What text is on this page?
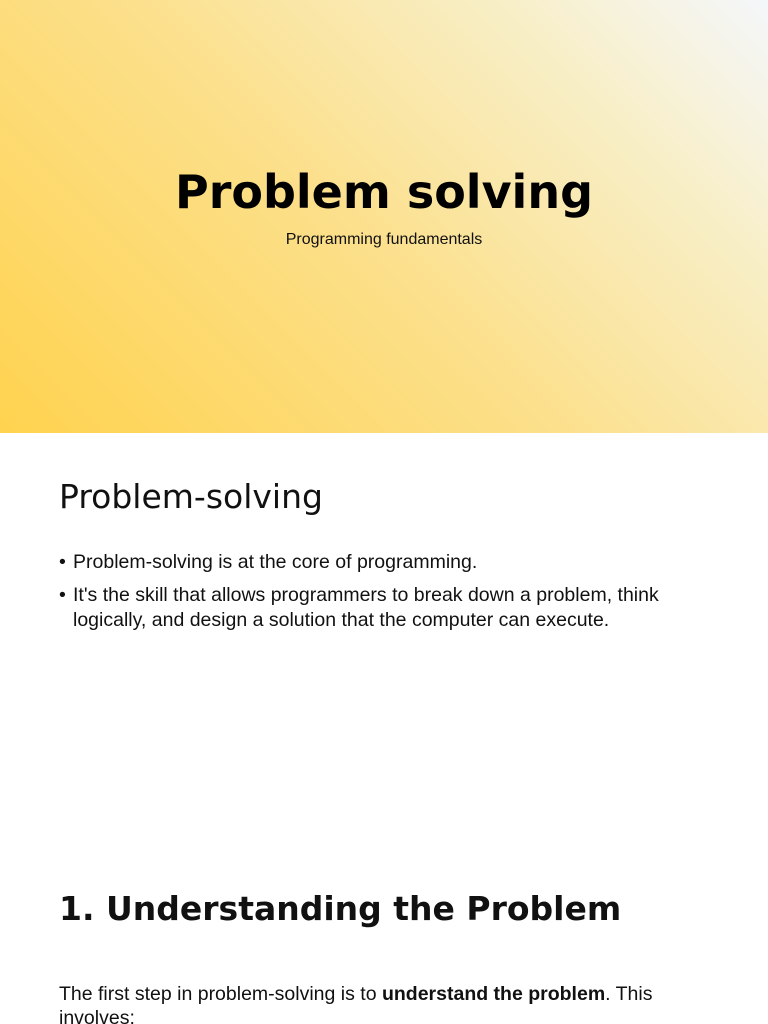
Problem solving

Programming fundamentals

Problem-solving
• Problem-solving is at the core of programming.
• It's the skill that allows programmers to break down a problem, think logically, and design a solution that the computer can execute.
1. Understanding the Problem

The first step in problem-solving is to understand the problem. This involves:
